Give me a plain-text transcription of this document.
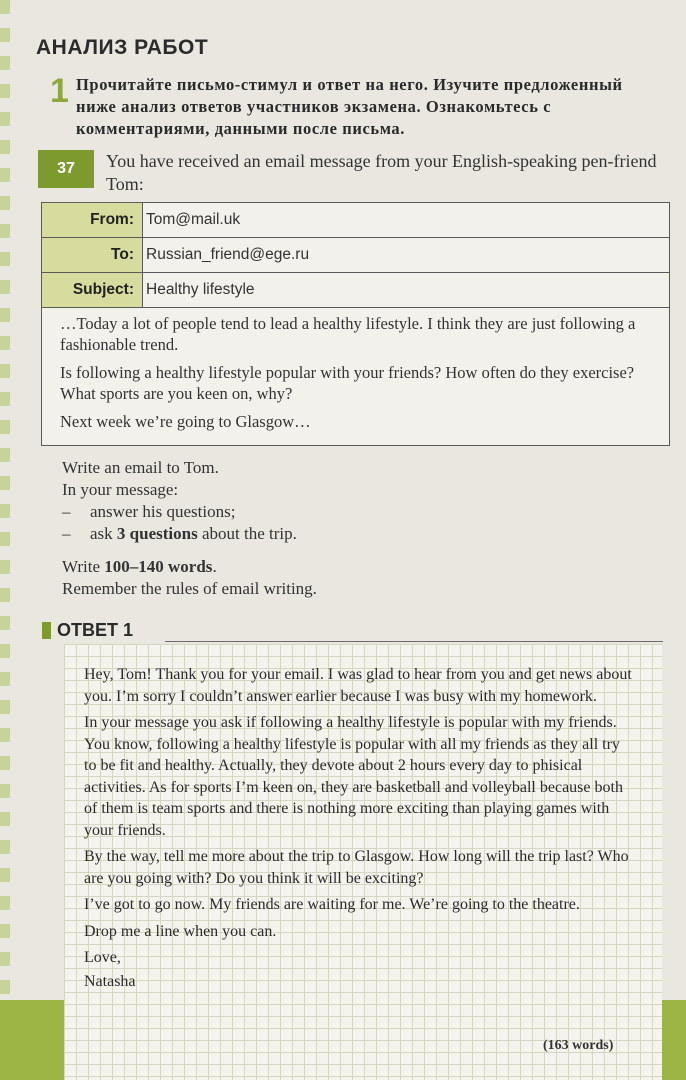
АНАЛИЗ РАБОТ
1 Прочитайте письмо-стимул и ответ на него. Изучите предложенный ниже анализ ответов участников экзамена. Ознакомьтесь с комментариями, данными после письма.
37	You have received an email message from your English-speaking pen-friend Tom:
From: Tom@mail.uk
To: Russian_friend@ege.ru
Subject: Healthy lifestyle

…Today a lot of people tend to lead a healthy lifestyle. I think they are just following a fashionable trend.

Is following a healthy lifestyle popular with your friends? How often do they exercise? What sports are you keen on, why?

Next week we’re going to Glasgow…

Write an email to Tom.
In your message:
–	answer his questions;
–	ask 3 questions about the trip.
Write 100–140 words.
Remember the rules of email writing.
ОТВЕТ 1

Hey, Tom! Thank you for your email. I was glad to hear from you and get news about you. I’m sorry I couldn’t answer earlier because I was busy with my homework.

In your message you ask if following a healthy lifestyle is popular with my friends. You know, following a healthy lifestyle is popular with all my friends as they all try to be fit and healthy. Actually, they devote about 2 hours every day to phisical activities. As for sports I’m keen on, they are basketball and volleyball because both of them is team sports and there is nothing more exciting than playing games with your friends.

By the way, tell me more about the trip to Glasgow. How long will the trip last? Who are you going with? Do you think it will be exciting?

I’ve got to go now. My friends are waiting for me. We’re going to the theatre.

Drop me a line when you can.

Love,

Natasha

(163 words)
